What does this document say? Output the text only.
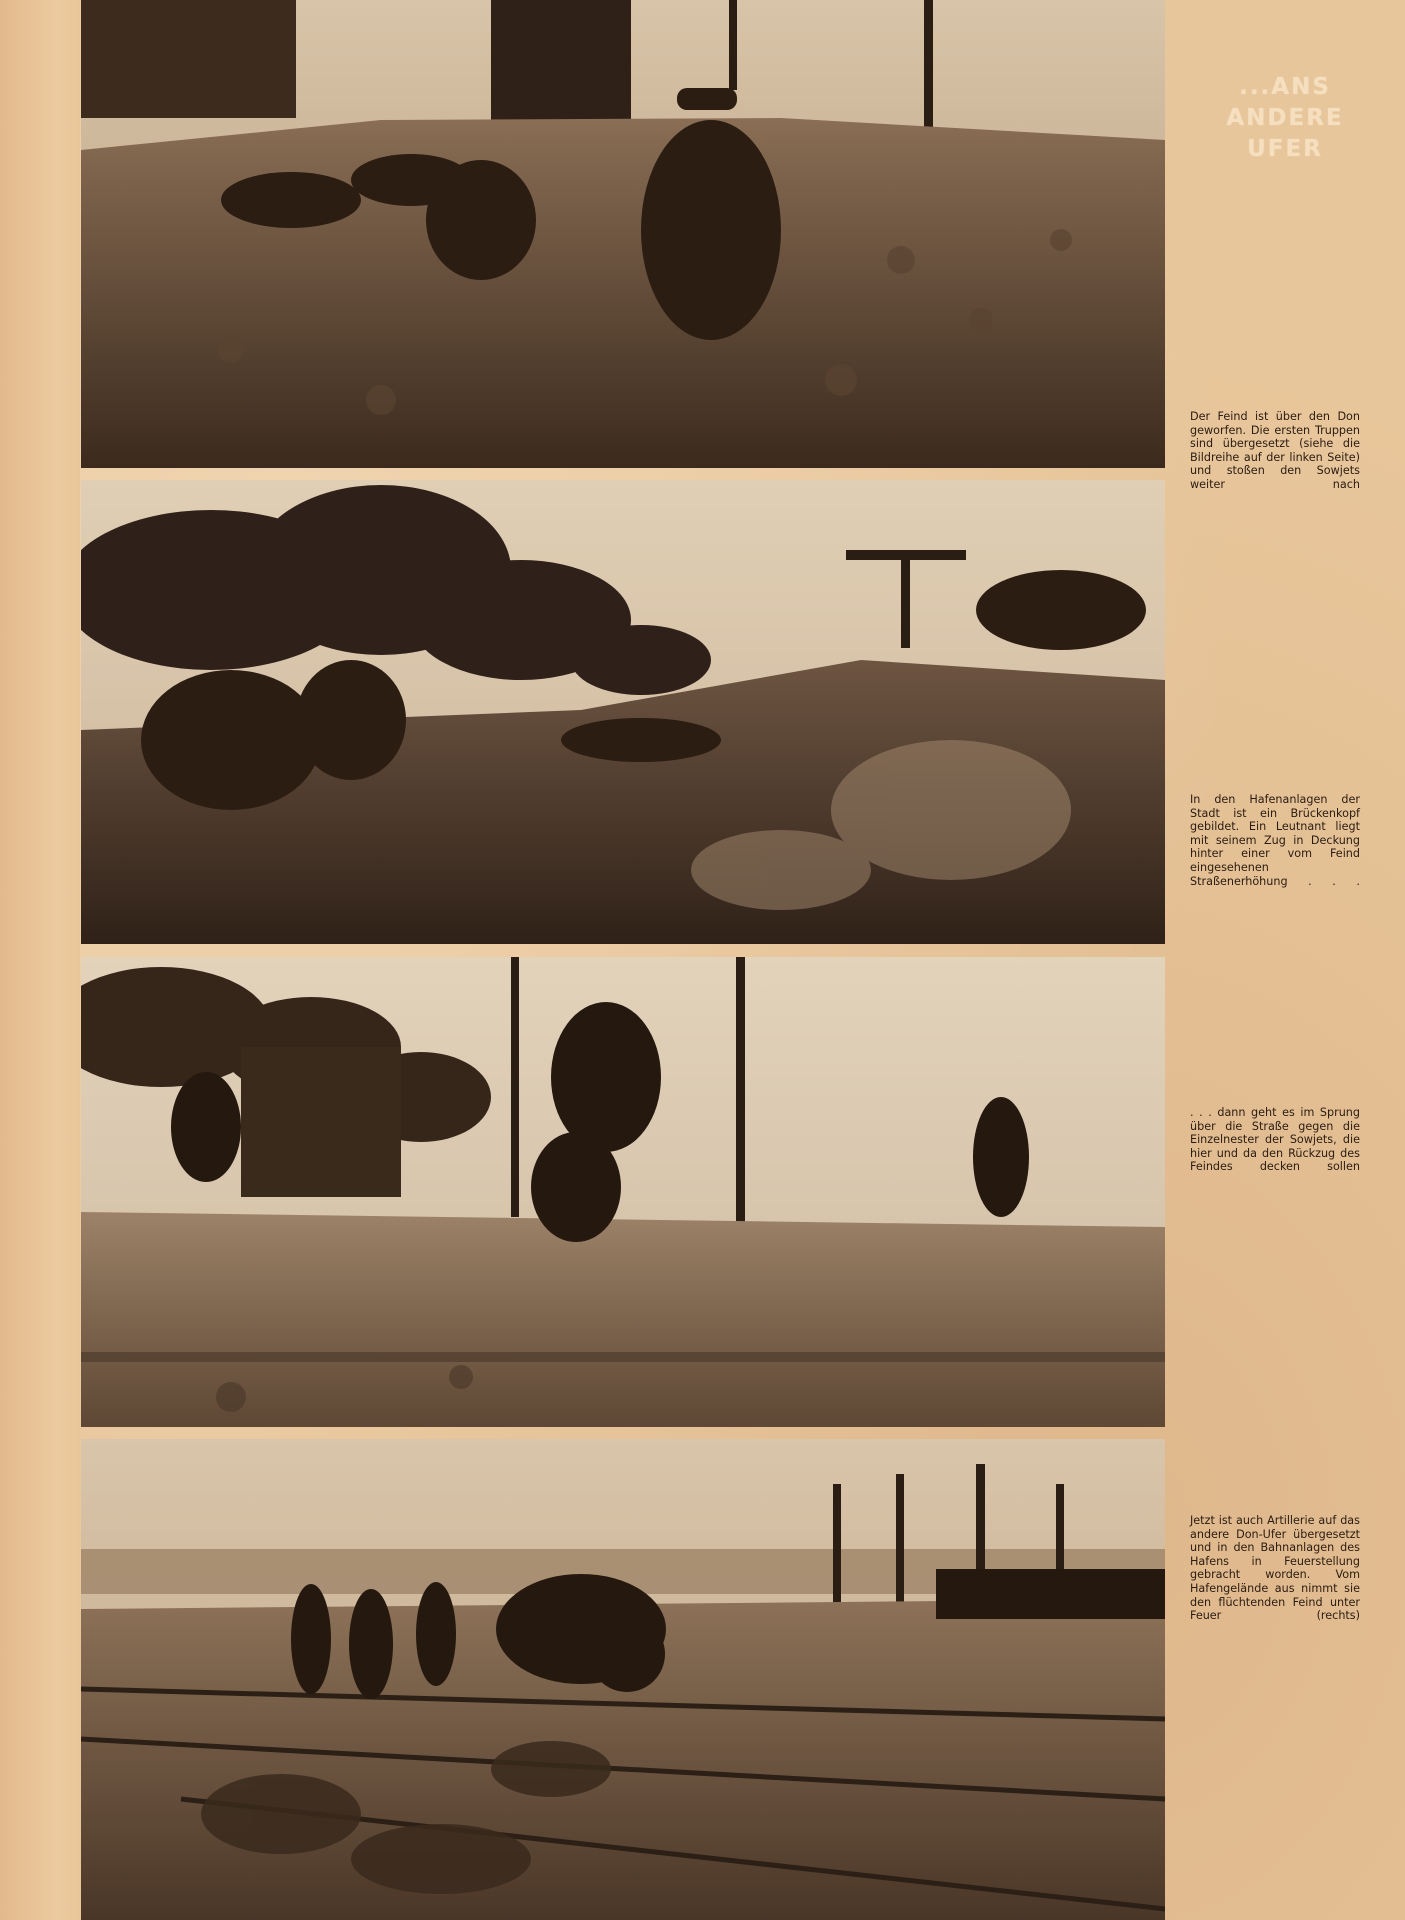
...ANS
ANDERE
UFER
Der Feind ist über den Don geworfen. Die ersten Truppen sind übergesetzt (siehe die Bildreihe auf der linken Seite) und stoßen den Sowjets weiter nach
In den Hafenanlagen der Stadt ist ein Brückenkopf gebildet. Ein Leutnant liegt mit seinem Zug in Deckung hinter einer vom Feind eingesehenen Straßenerhöhung . . .
. . . dann geht es im Sprung über die Straße gegen die Einzelnester der Sowjets, die hier und da den Rückzug des Feindes decken sollen
Jetzt ist auch Artillerie auf das andere Don-Ufer übergesetzt und in den Bahnanlagen des Hafens in Feuerstellung gebracht worden. Vom Hafengelände aus nimmt sie den flüchtenden Feind unter Feuer (rechts)
